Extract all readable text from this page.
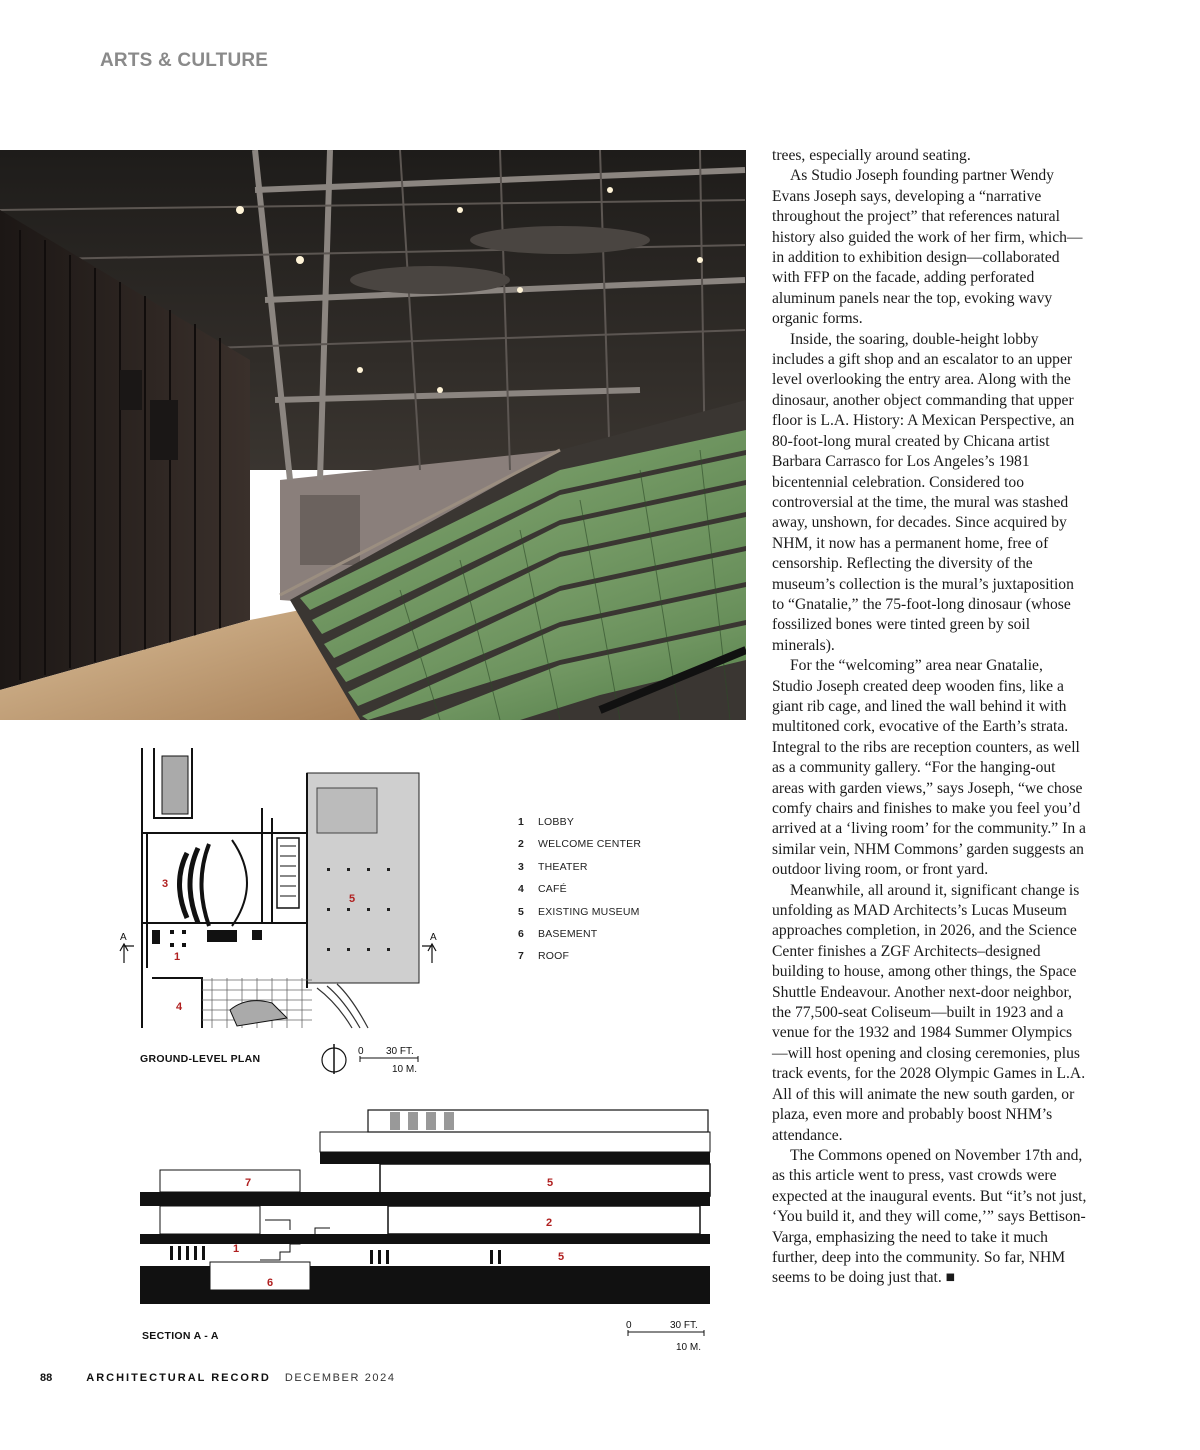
ARTS & CULTURE

trees, especially around seating.

As Studio Joseph founding partner Wendy Evans Joseph says, developing a “narrative throughout the project” that references natural history also guided the work of her firm, which—in addition to exhibition design—collaborated with FFP on the facade, adding perforated aluminum panels near the top, evoking wavy organic forms.

Inside, the soaring, double-height lobby includes a gift shop and an escalator to an upper level overlooking the entry area. Along with the dinosaur, another object commanding that upper floor is L.A. History: A Mexican Perspective, an 80-foot-long mural created by Chicana artist Barbara Carrasco for Los Angeles’s 1981 bicentennial celebration. Considered too controversial at the time, the mural was stashed away, unshown, for decades. Since acquired by NHM, it now has a permanent home, free of censorship. Reflecting the diversity of the museum’s collection is the mural’s juxtaposition to “Gnatalie,” the 75-foot-long dinosaur (whose fossilized bones were tinted green by soil minerals).

For the “welcoming” area near Gnatalie, Studio Joseph created deep wooden fins, like a giant rib cage, and lined the wall behind it with multitoned cork, evocative of the Earth’s strata. Integral to the ribs are reception counters, as well as a community gallery. “For the hanging-out areas with garden views,” says Joseph, “we chose comfy chairs and finishes to make you feel you’d arrived at a ‘living room’ for the community.” In a similar vein, NHM Commons’ garden suggests an outdoor living room, or front yard.

Meanwhile, all around it, significant change is unfolding as MAD Architects’s Lucas Museum approaches completion, in 2026, and the Science Center finishes a ZGF Architects–designed building to house, among other things, the Space Shuttle Endeavour. Another next-door neighbor, the 77,500-seat Coliseum—built in 1923 and a venue for the 1932 and 1984 Summer Olympics—will host opening and closing ceremonies, plus track events, for the 2028 Olympic Games in L.A. All of this will animate the new south garden, or plaza, even more and probably boost NHM’s attendance.

The Commons opened on November 17th and, as this article went to press, vast crowds were expected at the inaugural events. But “it’s not just, ‘You build it, and they will come,’” says Bettison-Varga, emphasizing the need to take it much further, deep into the community. So far, NHM seems to be doing just that. ■

A	A
3
5
1
4
0 30 FT.
10 M.
GROUND-LEVEL PLAN
1	LOBBY
2	WELCOME CENTER
3	THEATER
4	CAFÉ
5	EXISTING MUSEUM
6	BASEMENT
7	ROOF
7	5
2
1
5
6
SECTION A - A
0	30 FT.
10 M.
88	ARCHITECTURAL RECORD DECEMBER 2024
